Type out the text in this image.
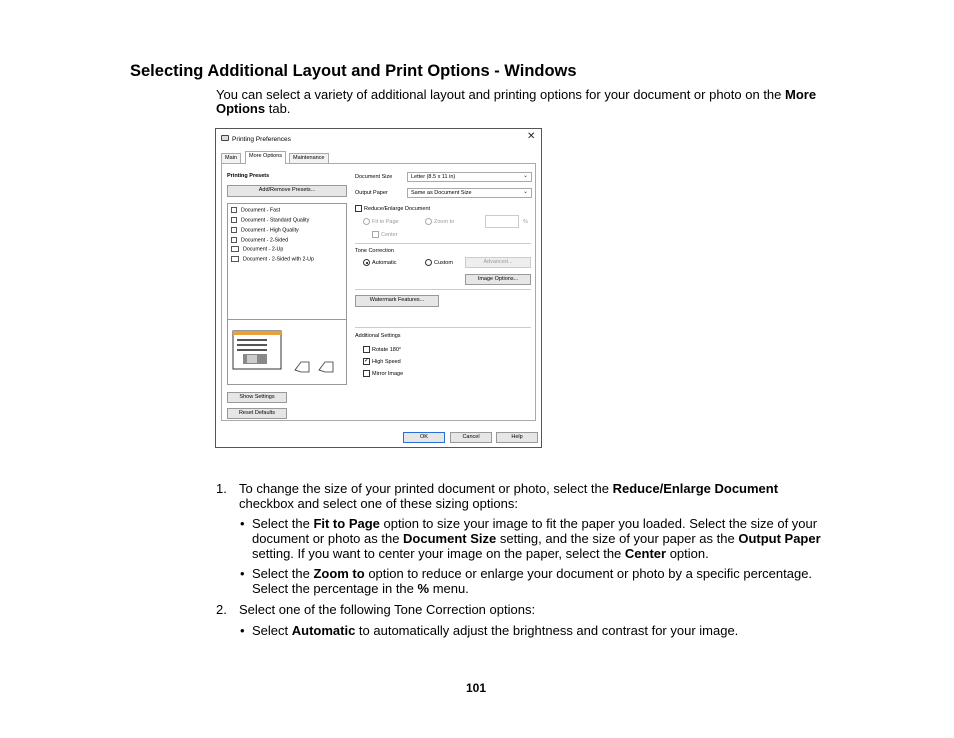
Selecting Additional Layout and Print Options - Windows
You can select a variety of additional layout and printing options for your document or photo on the More Options tab.
Printing Preferences	✕
Main	More Options	Maintenance
Printing Presets
Add/Remove Presets...
Document - Fast
Document - Standard Quality
Document - High Quality
Document - 2-Sided
Document - 2-Up
Document - 2-Sided with 2-Up
Show Settings
Reset Defaults
Document Size	Letter (8.5 x 11 in)	⌄
Output Paper	Same as Document Size	⌄
Reduce/Enlarge Document
Fit to Page	Zoom to	%
Center
Tone Correction
Automatic	Custom	Advanced...
Image Options...
Watermark Features...
Additional Settings
Rotate 180°
✓ High Speed
Mirror Image
OK	Cancel	Help
1. To change the size of your printed document or photo, select the Reduce/Enlarge Document
checkbox and select one of these sizing options:
• Select the Fit to Page option to size your image to fit the paper you loaded. Select the size of your document or photo as the Document Size setting, and the size of your paper as the Output Paper setting. If you want to center your image on the paper, select the Center option.
• Select the Zoom to option to reduce or enlarge your document or photo by a specific percentage. Select the percentage in the % menu.
2. Select one of the following Tone Correction options:
• Select Automatic to automatically adjust the brightness and contrast for your image.
101
